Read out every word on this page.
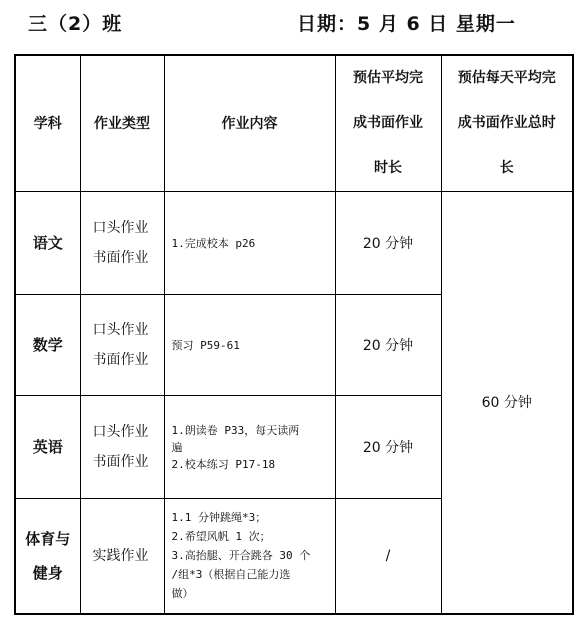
三（2）班	日期：5 月 6 日 星期一
学科	作业类型	作业内容	预估平均完
成书面作业
时长	预估每天平均完
成书面作业总时
长

语文	口头作业
书面作业	1.完成校本 p26	20 分钟	60 分钟

数学	口头作业
书面作业	预习 P59-61	20 分钟	

英语	口头作业
书面作业	1.朗读卷 P33，每天读两
遍
2.校本练习 P17-18	20 分钟	

体育与
健身	实践作业	1.1 分钟跳绳*3；
2.希望风帆 1 次；
3.高抬腿、开合跳各 30 个
/组*3（根据自己能力选
做）	/	
